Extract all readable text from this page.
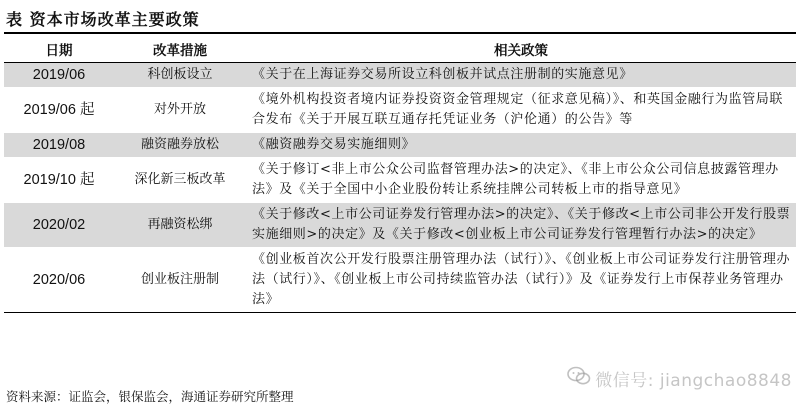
表 资本市场改革主要政策
日期	改革措施	相关政策
2019/06	科创板设立	《关于在上海证券交易所设立科创板并试点注册制的实施意见》
2019/06 起	对外开放	《境外机构投资者境内证券投资资金管理规定（征求意见稿）》、和英国金融行为监管局联合发布《关于开展互联互通存托凭证业务（沪伦通）的公告》等
2019/08	融资融券放松	《融资融券交易实施细则》
2019/10 起	深化新三板改革	《关于修订<非上市公众公司监督管理办法>的决定》、《非上市公众公司信息披露管理办法》及《关于全国中小企业股份转让系统挂牌公司转板上市的指导意见》
2020/02	再融资松绑	《关于修改<上市公司证券发行管理办法>的决定》、《关于修改<上市公司非公开发行股票实施细则>的决定》及《关于修改<创业板上市公司证券发行管理暂行办法>的决定》
2020/06	创业板注册制	《创业板首次公开发行股票注册管理办法（试行）》、《创业板上市公司证券发行注册管理办法（试行）》、《创业板上市公司持续监管办法（试行）》及《证券发行上市保荐业务管理办法》
资料来源：证监会，银保监会，海通证券研究所整理
微信号: jiangchao8848
